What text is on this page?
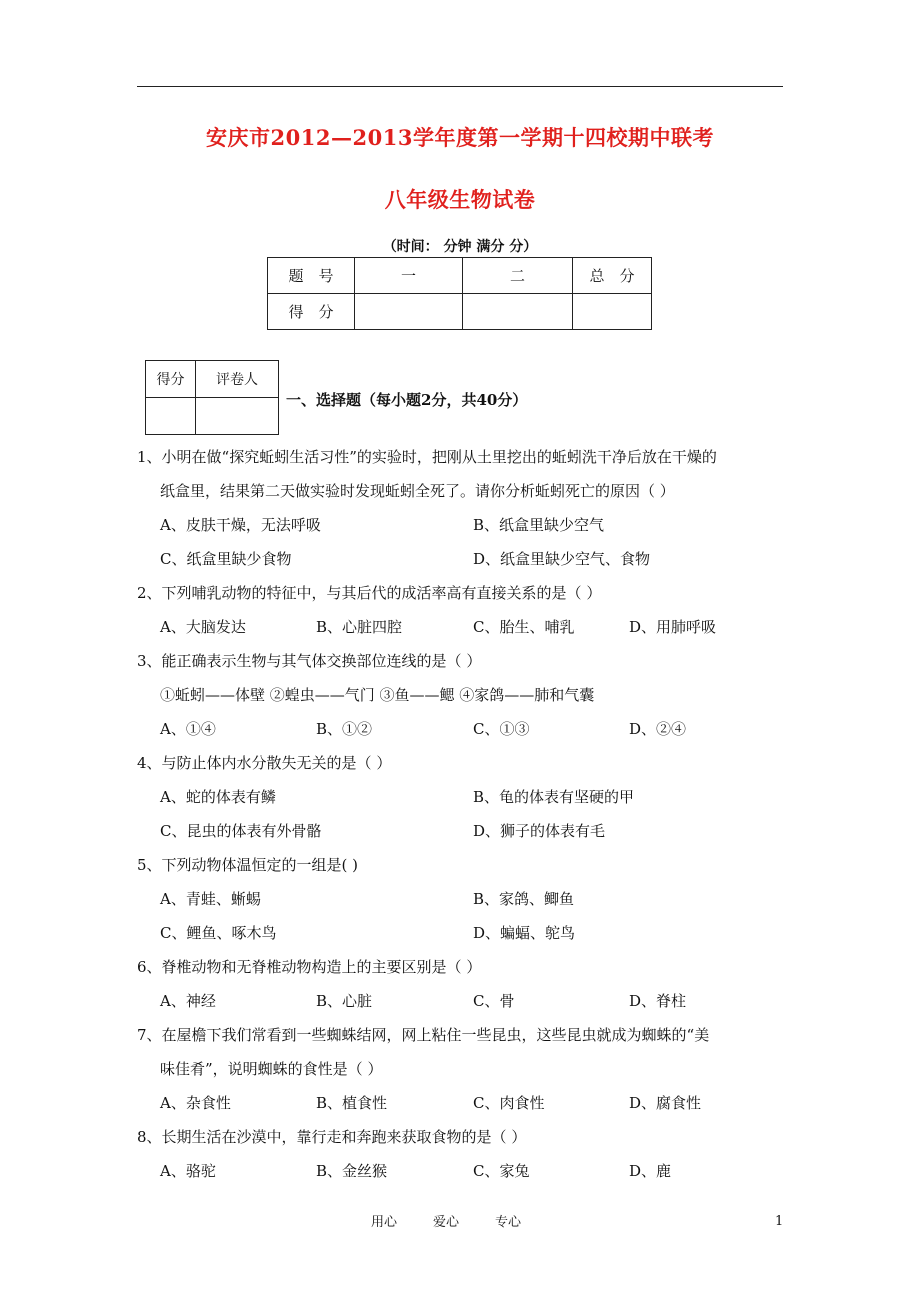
安庆市2012—2013学年度第一学期十四校期中联考
八年级生物试卷
（时间： 分钟 满分 分）
题　号	一	二	总　分
得　分			
得分	评卷人

一、选择题（每小题2分，共40分）
1、小明在做“探究蚯蚓生活习性”的实验时，把刚从土里挖出的蚯蚓洗干净后放在干燥的
纸盒里，结果第二天做实验时发现蚯蚓全死了。请你分析蚯蚓死亡的原因（ ）
A、皮肤干燥，无法呼吸	B、纸盒里缺少空气
C、纸盒里缺少食物	D、纸盒里缺少空气、食物
2、下列哺乳动物的特征中，与其后代的成活率高有直接关系的是（ ）
A、大脑发达	B、心脏四腔	C、胎生、哺乳	D、用肺呼吸
3、能正确表示生物与其气体交换部位连线的是（ ）
①蚯蚓——体壁 ②蝗虫——气门 ③鱼——鳃 ④家鸽——肺和气囊
A、①④	B、①②	C、①③	D、②④
4、与防止体内水分散失无关的是（ ）
A、蛇的体表有鳞	B、龟的体表有坚硬的甲
C、昆虫的体表有外骨骼	D、狮子的体表有毛
5、下列动物体温恒定的一组是( )
A、青蛙、蜥蜴	B、家鸽、鲫鱼
C、鲤鱼、啄木鸟	D、蝙蝠、鸵鸟
6、脊椎动物和无脊椎动物构造上的主要区别是（ ）
A、神经	B、心脏	C、骨	D、脊柱
7、在屋檐下我们常看到一些蜘蛛结网，网上粘住一些昆虫，这些昆虫就成为蜘蛛的“美
味佳肴”，说明蜘蛛的食性是（ ）
A、杂食性	B、植食性	C、肉食性	D、腐食性
8、长期生活在沙漠中，靠行走和奔跑来获取食物的是（ ）
A、骆驼	B、金丝猴	C、家兔	D、鹿
用心	爱心	专心	1
